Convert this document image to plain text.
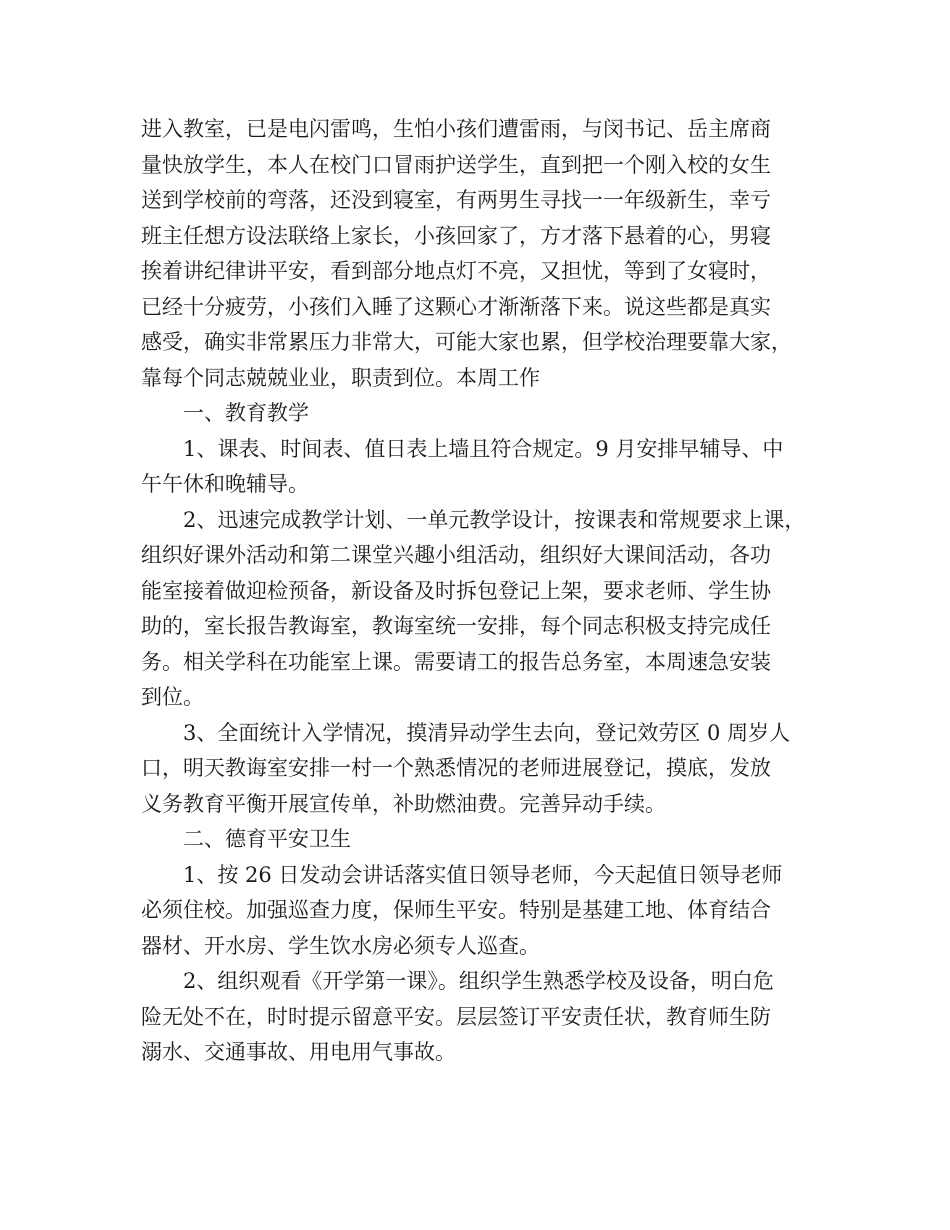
进入教室，已是电闪雷鸣，生怕小孩们遭雷雨，与闵书记、岳主席商
量快放学生，本人在校门口冒雨护送学生，直到把一个刚入校的女生
送到学校前的弯落，还没到寝室，有两男生寻找一一年级新生，幸亏
班主任想方设法联络上家长，小孩回家了，方才落下悬着的心，男寝
挨着讲纪律讲平安，看到部分地点灯不亮，又担忧，等到了女寝时，
已经十分疲劳，小孩们入睡了这颗心才渐渐落下来。说这些都是真实
感受，确实非常累压力非常大，可能大家也累，但学校治理要靠大家，
靠每个同志兢兢业业，职责到位。本周工作
一、教育教学
1、课表、时间表、值日表上墙且符合规定。9 月安排早辅导、中
午午休和晚辅导。
2、迅速完成教学计划、一单元教学设计，按课表和常规要求上课，
组织好课外活动和第二课堂兴趣小组活动，组织好大课间活动，各功
能室接着做迎检预备，新设备及时拆包登记上架，要求老师、学生协
助的，室长报告教诲室，教诲室统一安排，每个同志积极支持完成任
务。相关学科在功能室上课。需要请工的报告总务室，本周速急安装
到位。
3、全面统计入学情况，摸清异动学生去向，登记效劳区 0 周岁人
口，明天教诲室安排一村一个熟悉情况的老师进展登记，摸底，发放
义务教育平衡开展宣传单，补助燃油费。完善异动手续。
二、德育平安卫生
1、按 26 日发动会讲话落实值日领导老师，今天起值日领导老师
必须住校。加强巡查力度，保师生平安。特别是基建工地、体育结合
器材、开水房、学生饮水房必须专人巡查。
2、组织观看《开学第一课》。组织学生熟悉学校及设备，明白危
险无处不在，时时提示留意平安。层层签订平安责任状，教育师生防
溺水、交通事故、用电用气事故。
